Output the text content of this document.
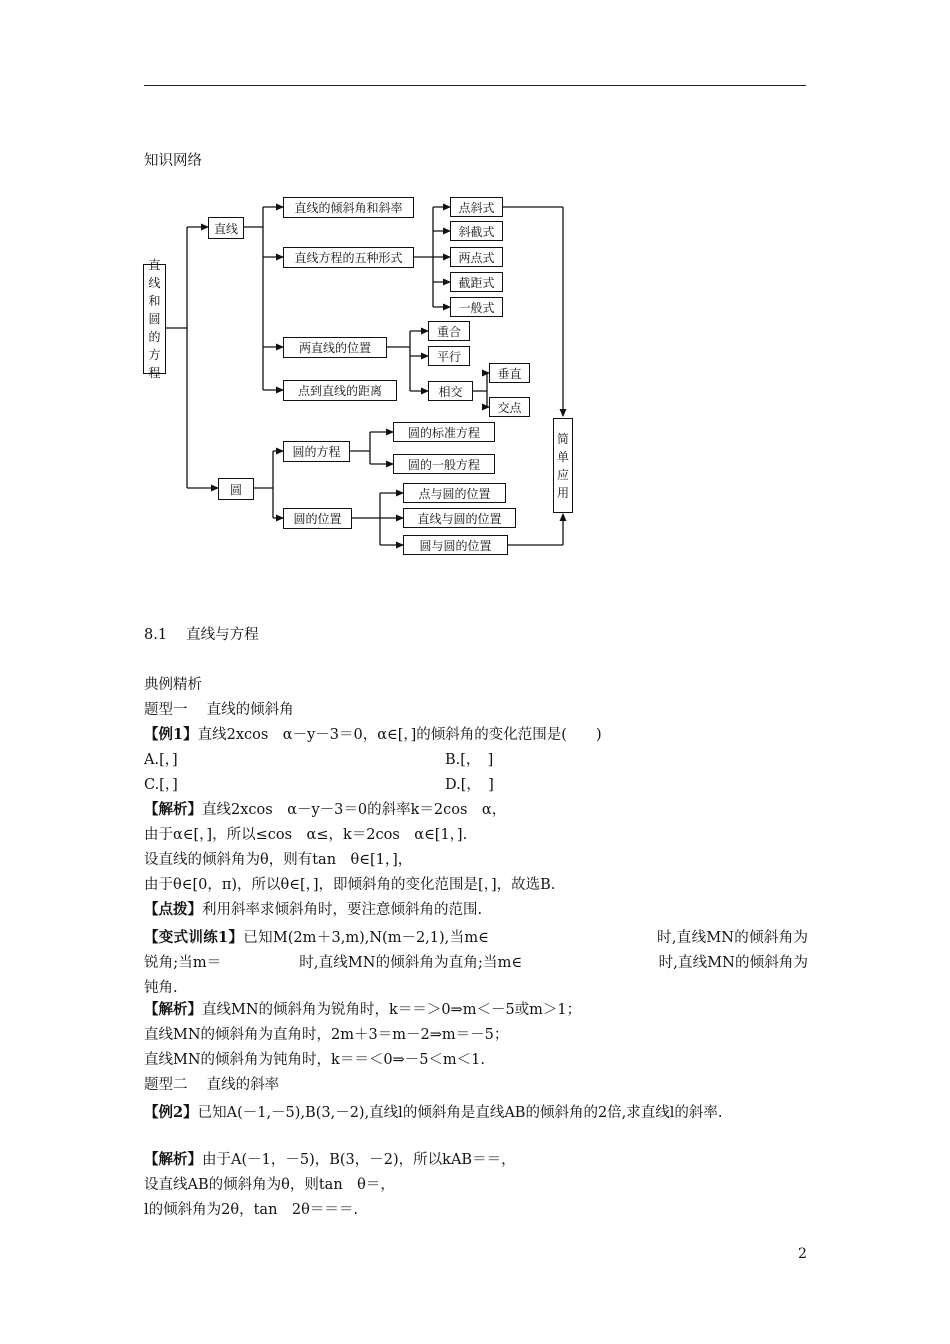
知识网络
直
线
和
圆
的
方
程
直线
圆
直线的倾斜角和斜率
直线方程的五种形式
两直线的位置
点到直线的距离
点斜式
斜截式
两点式
截距式
一般式
重合
平行
相交
垂直
交点
圆的方程
圆的位置
圆的标准方程
圆的一般方程
点与圆的位置
直线与圆的位置
圆与圆的位置
简
单
应
用
8.1　 直线与方程
典例精析
题型一　 直线的倾斜角
【例1】直线2xcos　α－y－3＝0，α∈[，]的倾斜角的变化范围是(　　)
A.[，]	B.[，　]
C.[，]	D.[，　]
【解析】直线2xcos　α－y－3＝0的斜率k＝2cos　α，
由于α∈[，]，所以≤cos　α≤，k＝2cos　α∈[1，].
设直线的倾斜角为θ，则有tan　θ∈[1，]，
由于θ∈[0，π)，所以θ∈[，]，即倾斜角的变化范围是[，]，故选B.
【点拨】利用斜率求倾斜角时，要注意倾斜角的范围.
【变式训练1】已知M(2m＋3,m),N(m－2,1),当m∈　　　　　　　　　　　 时,直线MN的倾斜角为锐角;当m＝　　　　　 时,直线MN的倾斜角为直角;当m∈　　　　　　　　　 时,直线MN的倾斜角为钝角.
【解析】直线MN的倾斜角为锐角时，k＝＝＞0⇒m＜－5或m＞1；
直线MN的倾斜角为直角时，2m＋3＝m－2⇒m＝－5；
直线MN的倾斜角为钝角时，k＝＝＜0⇒－5＜m＜1.
题型二　 直线的斜率
【例2】已知A(－1,－5),B(3,－2),直线l的倾斜角是直线AB的倾斜角的2倍,求直线l的斜率.
【解析】由于A(－1，－5)，B(3，－2)，所以kAB＝＝，
设直线AB的倾斜角为θ，则tan　θ＝，
l的倾斜角为2θ，tan　2θ＝＝＝.
2
